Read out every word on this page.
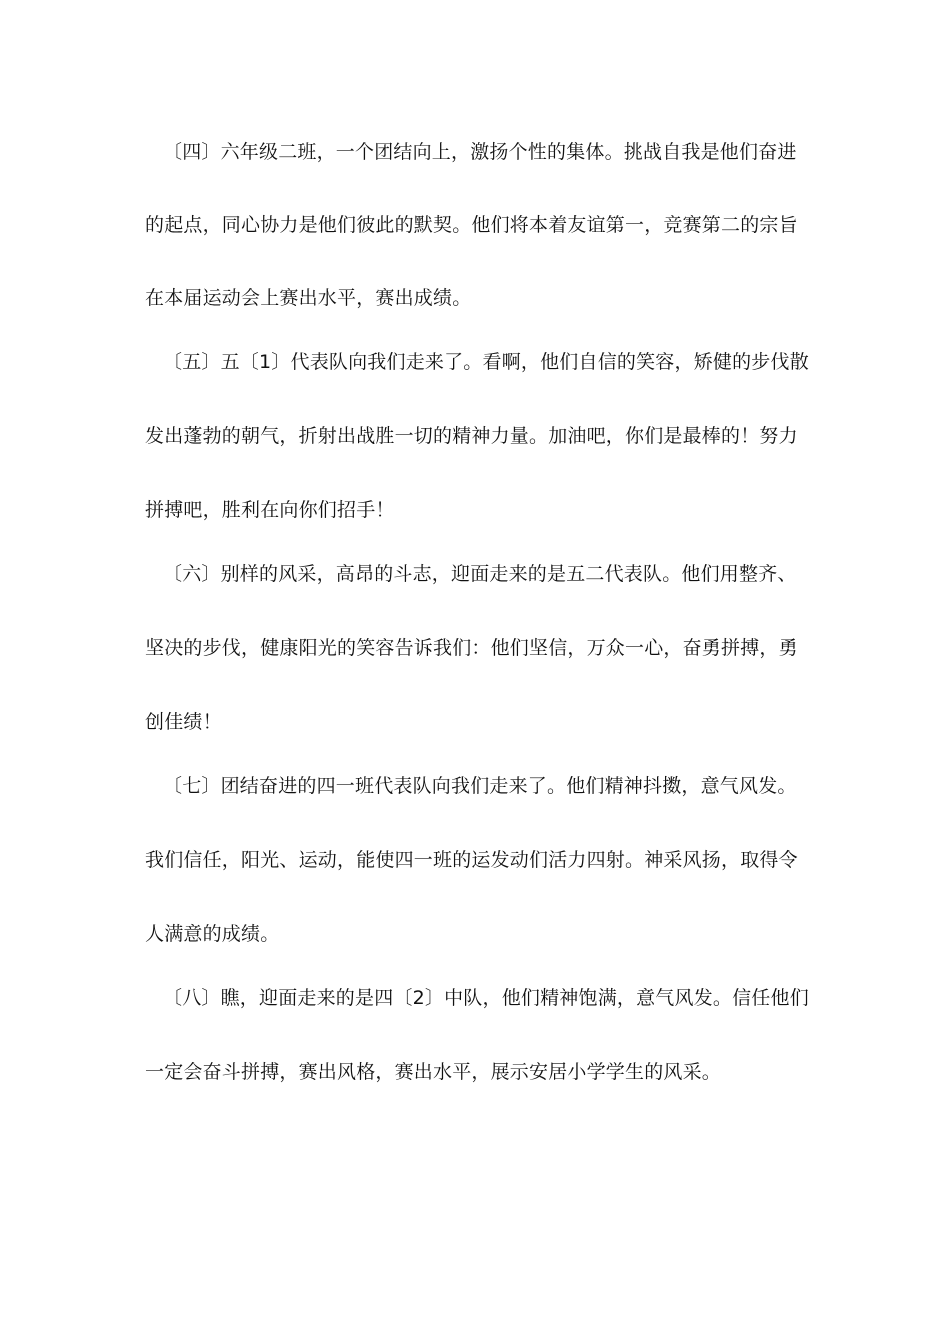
〔四〕六年级二班，一个团结向上，激扬个性的集体。挑战自我是他们奋进
的起点，同心协力是他们彼此的默契。他们将本着友谊第一，竞赛第二的宗旨
在本届运动会上赛出水平，赛出成绩。
〔五〕五〔1〕代表队向我们走来了。看啊，他们自信的笑容，矫健的步伐散
发出蓬勃的朝气，折射出战胜一切的精神力量。加油吧，你们是最棒的！努力
拼搏吧，胜利在向你们招手！
〔六〕别样的风采，高昂的斗志，迎面走来的是五二代表队。他们用整齐、
坚决的步伐，健康阳光的笑容告诉我们：他们坚信，万众一心，奋勇拼搏，勇
创佳绩！
〔七〕团结奋进的四一班代表队向我们走来了。他们精神抖擞，意气风发。
我们信任，阳光、运动，能使四一班的运发动们活力四射。神采风扬，取得令
人满意的成绩。
〔八〕瞧，迎面走来的是四〔2〕中队，他们精神饱满，意气风发。信任他们
一定会奋斗拼搏，赛出风格，赛出水平，展示安居小学学生的风采。
